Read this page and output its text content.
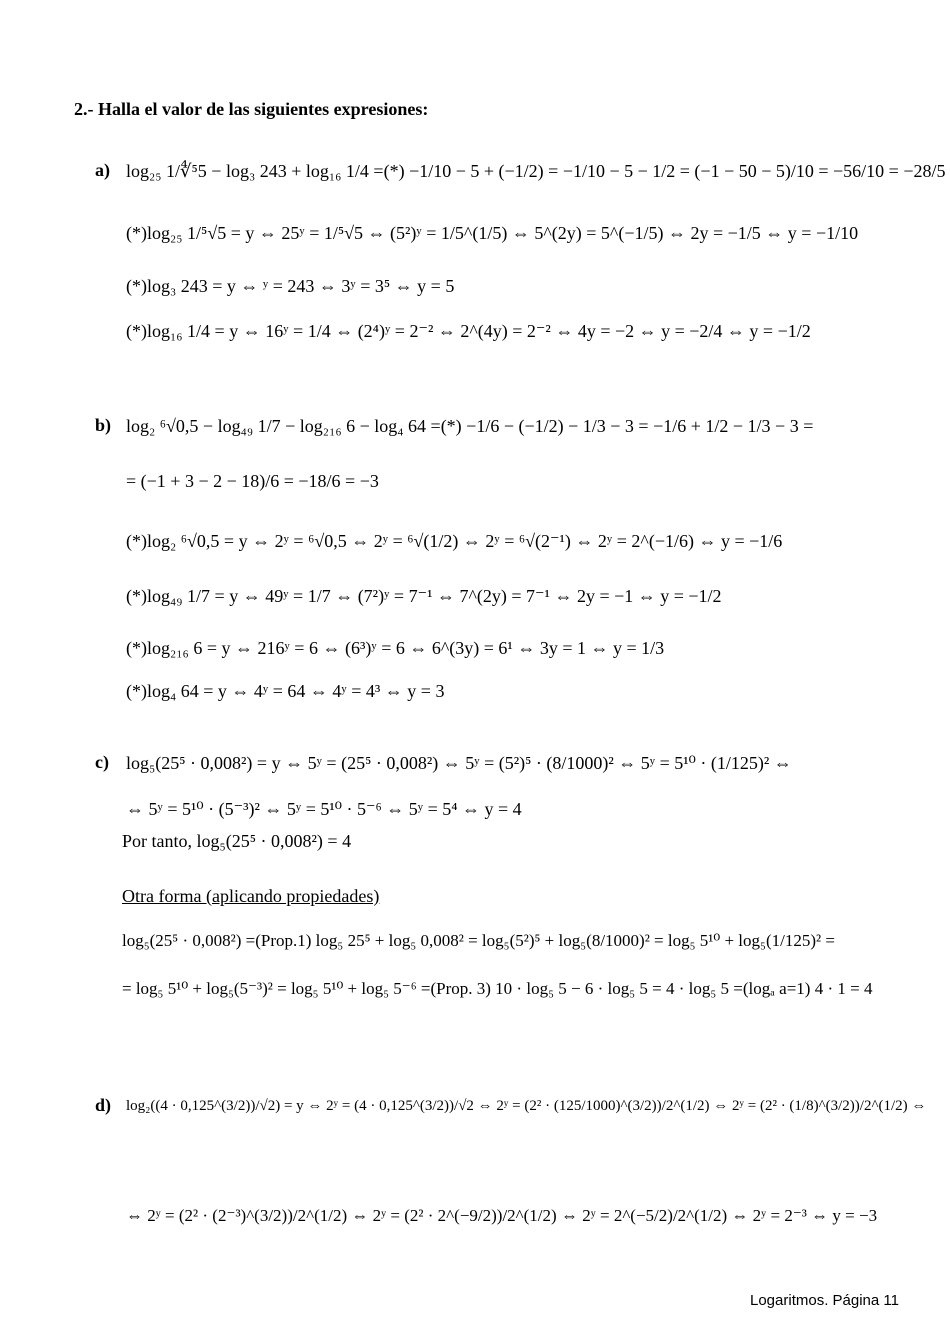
2.- Halla el valor de las siguientes expresiones:
a) log₂₅ 1/∜⁵5 − log₃ 243 + log₁₆ 1/4 =(*) −1/10 − 5 + (−1/2) = −1/10 − 5 − 1/2 = (−1 − 50 − 5)/10 = −56/10 = −28/5
(*)log₂₅ 1/⁵√5 = y ⇔ 25ʸ = 1/⁵√5 ⇔ (5²)ʸ = 1/5^(1/5) ⇔ 5^(2y) = 5^(−1/5) ⇔ 2y = −1/5 ⇔ y = −1/10
(*)log₃ 243 = y ⇔ ʸ = 243 ⇔ 3ʸ = 3⁵ ⇔ y = 5
(*)log₁₆ 1/4 = y ⇔ 16ʸ = 1/4 ⇔ (2⁴)ʸ = 2⁻² ⇔ 2^(4y) = 2⁻² ⇔ 4y = −2 ⇔ y = −2/4 ⇔ y = −1/2
b) log₂ ⁶√0,5 − log₄₉ 1/7 − log₂₁₆ 6 − log₄ 64 =(*) −1/6 − (−1/2) − 1/3 − 3 = −1/6 + 1/2 − 1/3 − 3 =
= (−1 + 3 − 2 − 18)/6 = −18/6 = −3
(*)log₂ ⁶√0,5 = y ⇔ 2ʸ = ⁶√0,5 ⇔ 2ʸ = ⁶√(1/2) ⇔ 2ʸ = ⁶√(2⁻¹) ⇔ 2ʸ = 2^(−1/6) ⇔ y = −1/6
(*)log₄₉ 1/7 = y ⇔ 49ʸ = 1/7 ⇔ (7²)ʸ = 7⁻¹ ⇔ 7^(2y) = 7⁻¹ ⇔ 2y = −1 ⇔ y = −1/2
(*)log₂₁₆ 6 = y ⇔ 216ʸ = 6 ⇔ (6³)ʸ = 6 ⇔ 6^(3y) = 6¹ ⇔ 3y = 1 ⇔ y = 1/3
(*)log₄ 64 = y ⇔ 4ʸ = 64 ⇔ 4ʸ = 4³ ⇔ y = 3
c) log₅(25⁵ · 0,008²) = y ⇔ 5ʸ = (25⁵ · 0,008²) ⇔ 5ʸ = (5²)⁵ · (8/1000)² ⇔ 5ʸ = 5¹⁰ · (1/125)² ⇔
⇔ 5ʸ = 5¹⁰ · (5⁻³)² ⇔ 5ʸ = 5¹⁰ · 5⁻⁶ ⇔ 5ʸ = 5⁴ ⇔ y = 4
Por tanto, log₅(25⁵ · 0,008²) = 4
Otra forma (aplicando propiedades)
log₅(25⁵ · 0,008²) =(Prop.1) log₅ 25⁵ + log₅ 0,008² = log₅(5²)⁵ + log₅(8/1000)² = log₅ 5¹⁰ + log₅(1/125)² =
= log₅ 5¹⁰ + log₅(5⁻³)² = log₅ 5¹⁰ + log₅ 5⁻⁶ =(Prop. 3) 10 · log₅ 5 − 6 · log₅ 5 = 4 · log₅ 5 =(logₐ a=1) 4 · 1 = 4
d) log₂((4 · 0,125^(3/2))/√2) = y ⇔ 2ʸ = (4 · 0,125^(3/2))/√2 ⇔ 2ʸ = (2² · (125/1000)^(3/2))/2^(1/2) ⇔ 2ʸ = (2² · (1/8)^(3/2))/2^(1/2) ⇔
⇔ 2ʸ = (2² · (2⁻³)^(3/2))/2^(1/2) ⇔ 2ʸ = (2² · 2^(−9/2))/2^(1/2) ⇔ 2ʸ = 2^(−5/2)/2^(1/2) ⇔ 2ʸ = 2⁻³ ⇔ y = −3
Logaritmos. Página 11
